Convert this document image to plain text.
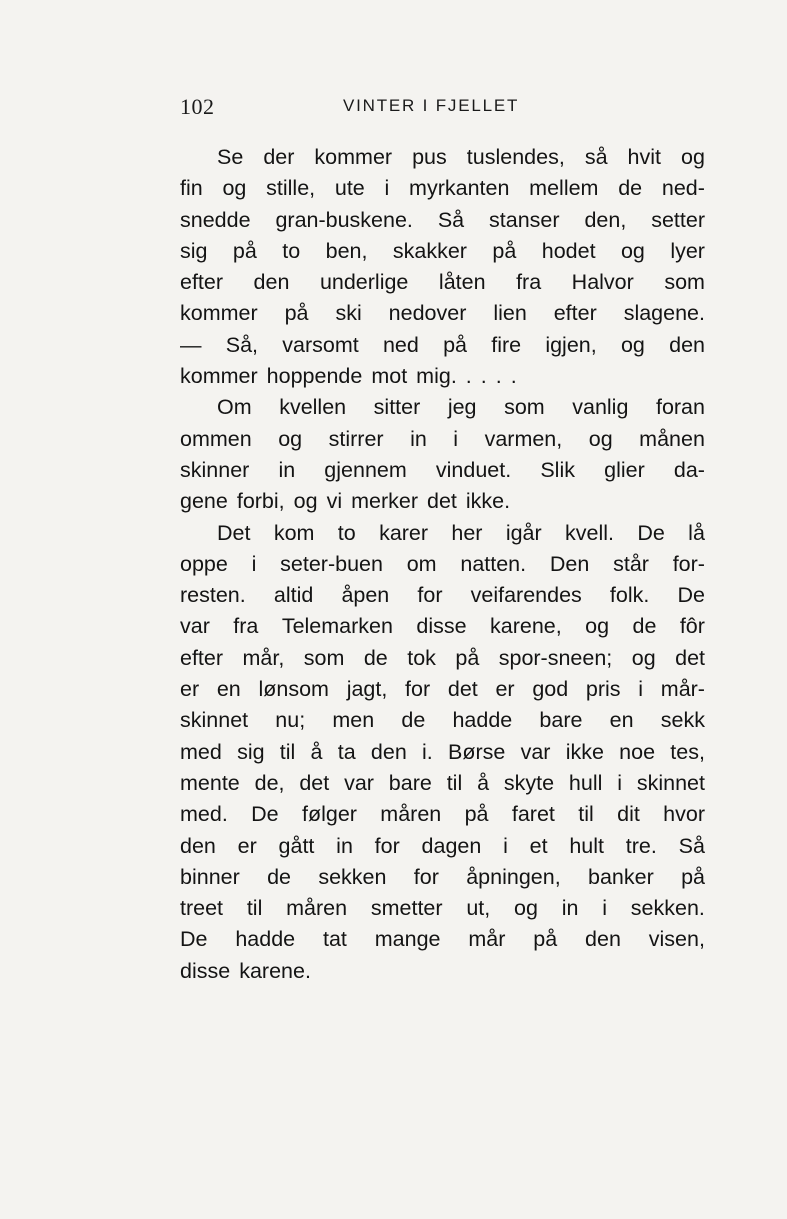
102	VINTER I FJELLET
Se der kommer pus tuslendes, så hvit og
fin og stille, ute i myrkanten mellem de ned-
snedde gran-buskene. Så stanser den, setter
sig på to ben, skakker på hodet og lyer
efter den underlige låten fra Halvor som
kommer på ski nedover lien efter slagene.
— Så, varsomt ned på fire igjen, og den
kommer hoppende mot mig. . . . .
Om kvellen sitter jeg som vanlig foran
ommen og stirrer in i varmen, og månen
skinner in gjennem vinduet. Slik glier da-
gene forbi, og vi merker det ikke.
Det kom to karer her igår kvell. De lå
oppe i seter-buen om natten. Den står for-
resten. altid åpen for veifarendes folk. De
var fra Telemarken disse karene, og de fôr
efter mår, som de tok på spor-sneen; og det
er en lønsom jagt, for det er god pris i mår-
skinnet nu; men de hadde bare en sekk
med sig til å ta den i. Børse var ikke noe tes,
mente de, det var bare til å skyte hull i skinnet
med. De følger måren på faret til dit hvor
den er gått in for dagen i et hult tre. Så
binner de sekken for åpningen, banker på
treet til måren smetter ut, og in i sekken.
De hadde tat mange mår på den visen,
disse karene.
